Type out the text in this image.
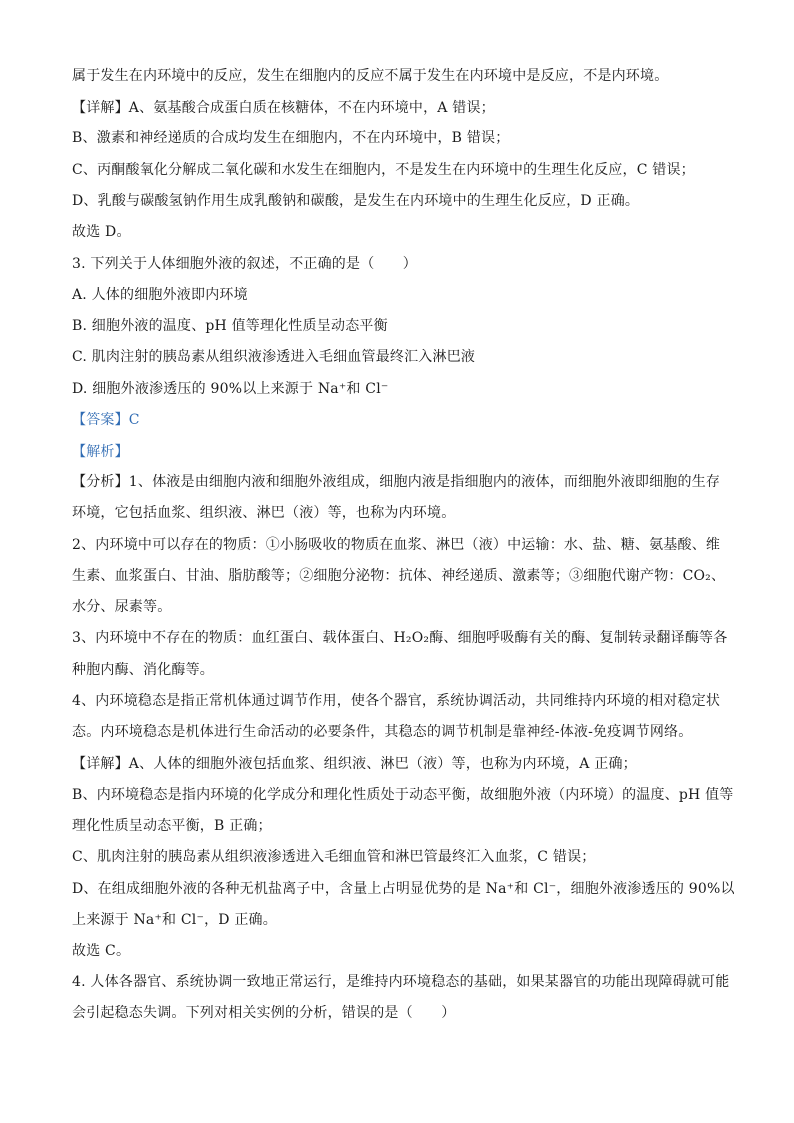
属于发生在内环境中的反应，发生在细胞内的反应不属于发生在内环境中是反应，不是内环境。
【详解】A、氨基酸合成蛋白质在核糖体，不在内环境中，A 错误；
B、激素和神经递质的合成均发生在细胞内，不在内环境中，B 错误；
C、丙酮酸氧化分解成二氧化碳和水发生在细胞内，不是发生在内环境中的生理生化反应，C 错误；
D、乳酸与碳酸氢钠作用生成乳酸钠和碳酸，是发生在内环境中的生理生化反应，D 正确。
故选 D。
3. 下列关于人体细胞外液的叙述，不正确的是（　　）
A. 人体的细胞外液即内环境
B. 细胞外液的温度、pH 值等理化性质呈动态平衡
C. 肌肉注射的胰岛素从组织液渗透进入毛细血管最终汇入淋巴液
D. 细胞外液渗透压的 90%以上来源于 Na⁺和 Cl⁻
【答案】C
【解析】
【分析】1、体液是由细胞内液和细胞外液组成，细胞内液是指细胞内的液体，而细胞外液即细胞的生存
环境，它包括血浆、组织液、淋巴（液）等，也称为内环境。
2、内环境中可以存在的物质：①小肠吸收的物质在血浆、淋巴（液）中运输：水、盐、糖、氨基酸、维
生素、血浆蛋白、甘油、脂肪酸等；②细胞分泌物：抗体、神经递质、激素等；③细胞代谢产物：CO₂、
水分、尿素等。
3、内环境中不存在的物质：血红蛋白、载体蛋白、H₂O₂酶、细胞呼吸酶有关的酶、复制转录翻译酶等各
种胞内酶、消化酶等。
4、内环境稳态是指正常机体通过调节作用，使各个器官，系统协调活动，共同维持内环境的相对稳定状
态。内环境稳态是机体进行生命活动的必要条件，其稳态的调节机制是靠神经-体液-免疫调节网络。
【详解】A、人体的细胞外液包括血浆、组织液、淋巴（液）等，也称为内环境，A 正确；
B、内环境稳态是指内环境的化学成分和理化性质处于动态平衡，故细胞外液（内环境）的温度、pH 值等
理化性质呈动态平衡，B 正确；
C、肌肉注射的胰岛素从组织液渗透进入毛细血管和淋巴管最终汇入血浆，C 错误；
D、在组成细胞外液的各种无机盐离子中，含量上占明显优势的是 Na⁺和 Cl⁻，细胞外液渗透压的 90%以
上来源于 Na⁺和 Cl⁻，D 正确。
故选 C。
4. 人体各器官、系统协调一致地正常运行，是维持内环境稳态的基础，如果某器官的功能出现障碍就可能
会引起稳态失调。下列对相关实例的分析，错误的是（　　）
